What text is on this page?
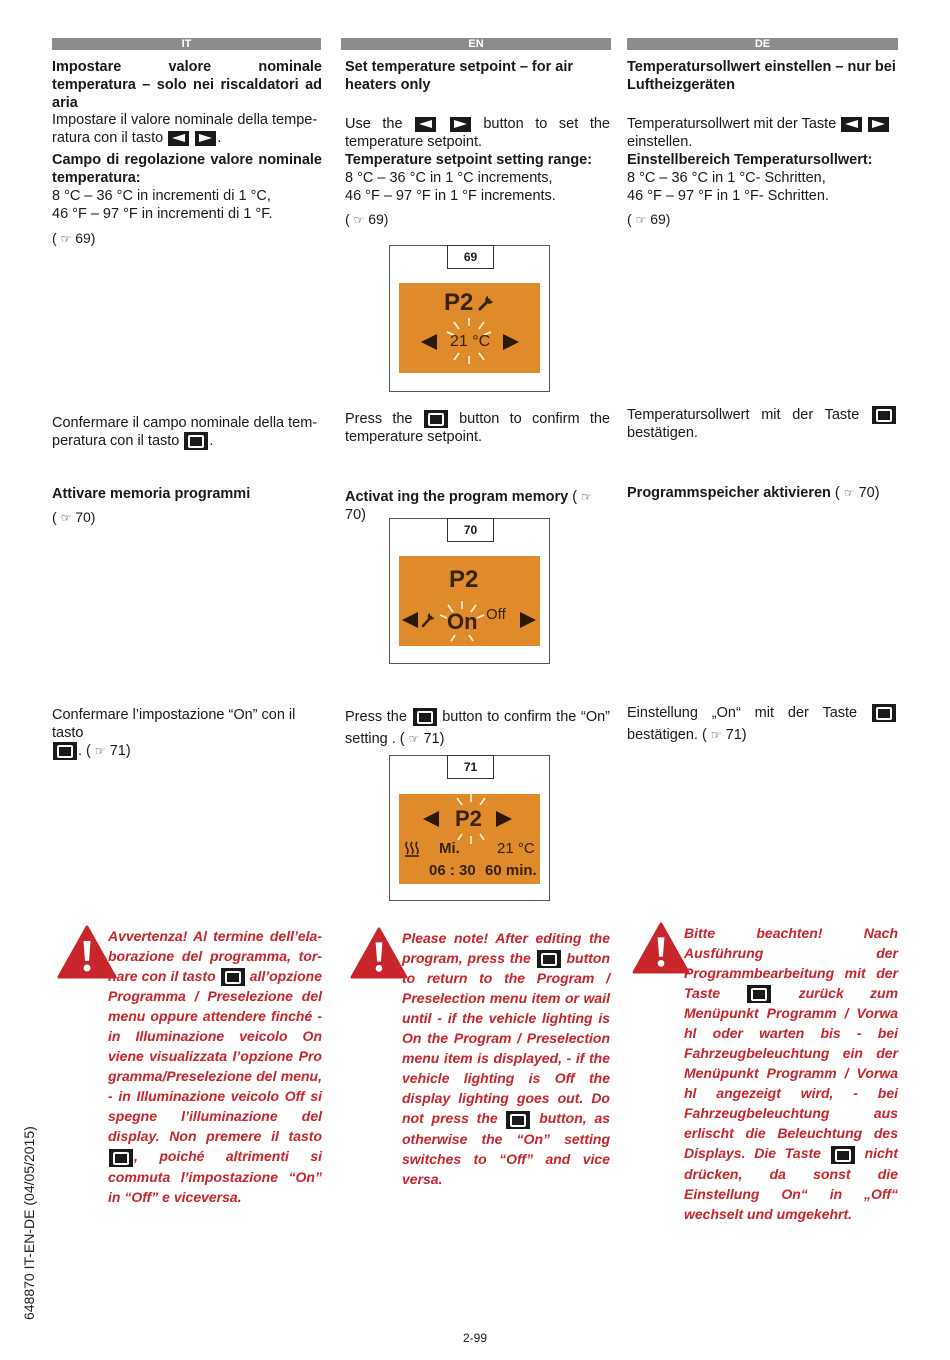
IT	EN	DE
Impostare valore nominale temperatura – solo nei riscaldatori ad aria

Impostare il valore nominale della tempe-

ratura con il tasto	.

Campo di regolazione valore nominale temperatura:

8 °C – 36 °C in incrementi di 1 °C,

46 °F – 97 °F in incrementi di 1 °F.

( ☞ 69)

Confermare il campo nominale della tem-

peratura con il tasto .

Attivare memoria programmi
( ☞ 70)

Confermare l’impostazione “On” con il tasto

. ( ☞ 71)

Set temperature setpoint – for air heaters only

Use the	button to set the temperature setpoint.

Temperature setpoint setting range:

8 °C – 36 °C in 1 °C increments,

46 °F – 97 °F in 1 °F increments.

( ☞ 69)

Press the	button to confirm the temperature setpoint.

Activat ing the program memory ( ☞ 70)

Press the button to confirm the “On” setting . ( ☞ 71)

Temperatursollwert einstellen – nur bei Luftheizgeräten

Temperatursollwert mit der Taste

einstellen.

Einstellbereich Temperatursollwert:

8 °C – 36 °C in 1 °C- Schritten,

46 °F – 97 °F in 1 °F- Schritten.

( ☞ 69)

Temperatursollwert mit der Taste  bestätigen.

Programmspeicher aktivieren ( ☞ 70)

Einstellung „On“ mit der Taste  bestätigen. ( ☞ 71)

69
P2
21 °C
70
P2
On Off
71
P2
Mi. 21 °C
06 : 30 60 min.
Avvertenza! Al termine dell’ela-borazione del programma, tor-nare con il tasto all’opzione Programma / Preselezione del menu oppure attendere finché - in Illuminazione veicolo On viene visualizzata l’opzione Pro gramma/Preselezione del menu, - in Illuminazione veicolo Off si spegne l’illuminazione del display. Non premere il tasto , poiché altrimenti si commuta l’impostazione “On” in “Off” e viceversa.
Please note! After editing the program, press the	button to return to the Program / Preselection menu item or wail until - if the vehicle lighting is On the Program / Preselection menu item is displayed, - if the vehicle lighting is Off the display lighting goes out. Do not press the	button, as otherwise the “On” setting switches to “Off” and vice versa.
Bitte beachten! Nach Ausführung der Programmbearbeitung mit der Taste	zurück zum Menüpunkt Programm / Vorwa hl oder warten bis - bei Fahrzeugbeleuchtung ein der Menüpunkt Programm / Vorwa hl angezeigt wird, - bei Fahrzeugbeleuchtung aus erlischt die Beleuchtung des Displays. Die Taste	nicht drücken, da sonst die Einstellung On“ in „Off“ wechselt und umgekehrt.
648870 IT-EN-DE (04/05/2015)
2-99
